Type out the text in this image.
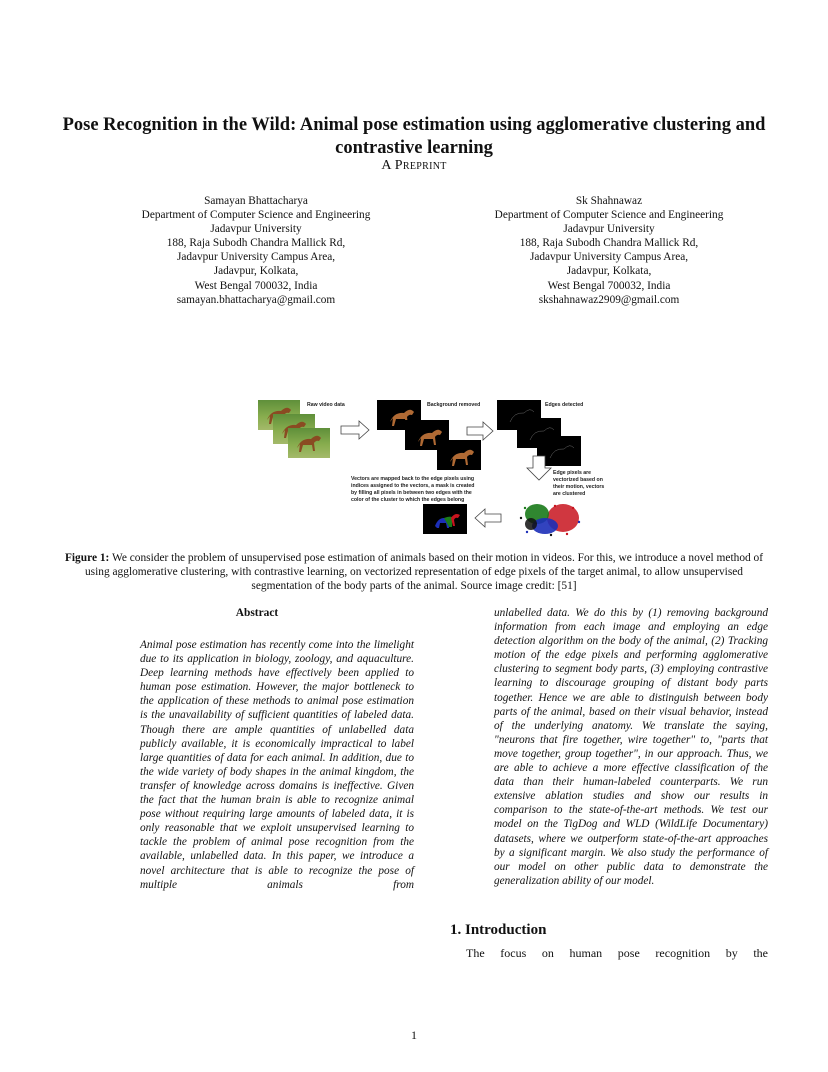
Pose Recognition in the Wild: Animal pose estimation using agglomerative clustering and contrastive learning
A Preprint
Samayan Bhattacharya
Department of Computer Science and Engineering
Jadavpur University
188, Raja Subodh Chandra Mallick Rd,
Jadavpur University Campus Area,
Jadavpur, Kolkata,
West Bengal 700032, India
samayan.bhattacharya@gmail.com
Sk Shahnawaz
Department of Computer Science and Engineering
Jadavpur University
188, Raja Subodh Chandra Mallick Rd,
Jadavpur University Campus Area,
Jadavpur, Kolkata,
West Bengal 700032, India
skshahnawaz2909@gmail.com
Raw video data	Background removed	Edges detected
Edge pixels are
vectorized based on
their motion, vectors
are clustered
Vectors are mapped back to the edge pixels using
indices assigned to the vectors, a mask is created
by filling all pixels in between two edges with the
color of the cluster to which the edges belong
Figure 1: We consider the problem of unsupervised pose estimation of animals based on their motion in videos. For this, we introduce a novel method of using agglomerative clustering, with contrastive learning, on vectorized representation of edge pixels of the target animal, to allow unsupervised segmentation of the body parts of the animal. Source image credit: [51]
Abstract

Animal pose estimation has recently come into the limelight due to its application in biology, zoology, and aquaculture. Deep learning methods have effectively been applied to human pose estimation. However, the major bottleneck to the application of these methods to animal pose estimation is the unavailability of sufficient quantities of labeled data. Though there are ample quantities of unlabelled data publicly available, it is economically impractical to label large quantities of data for each animal. In addition, due to the wide variety of body shapes in the animal kingdom, the transfer of knowledge across domains is ineffective. Given the fact that the human brain is able to recognize animal pose without requiring large amounts of labeled data, it is only reasonable that we exploit unsupervised learning to tackle the problem of animal pose recognition from the available, unlabelled data. In this paper, we introduce a novel architecture that is able to recognize the pose of multiple animals from

unlabelled data. We do this by (1) removing background information from each image and employing an edge detection algorithm on the body of the animal, (2) Tracking motion of the edge pixels and performing agglomerative clustering to segment body parts, (3) employing contrastive learning to discourage grouping of distant body parts together. Hence we are able to distinguish between body parts of the animal, based on their visual behavior, instead of the underlying anatomy. We translate the saying, "neurons that fire together, wire together" to, "parts that move together, group together", in our approach. Thus, we are able to achieve a more effective classification of the data than their human-labeled counterparts. We run extensive ablation studies and show our results in comparison to the state-of-the-art methods. We test our model on the TigDog and WLD (WildLife Documentary) datasets, where we outperform state-of-the-art approaches by a significant margin. We also study the performance of our model on other public data to demonstrate the generalization ability of our model.

1. Introduction
The focus on human pose recognition by the
1
